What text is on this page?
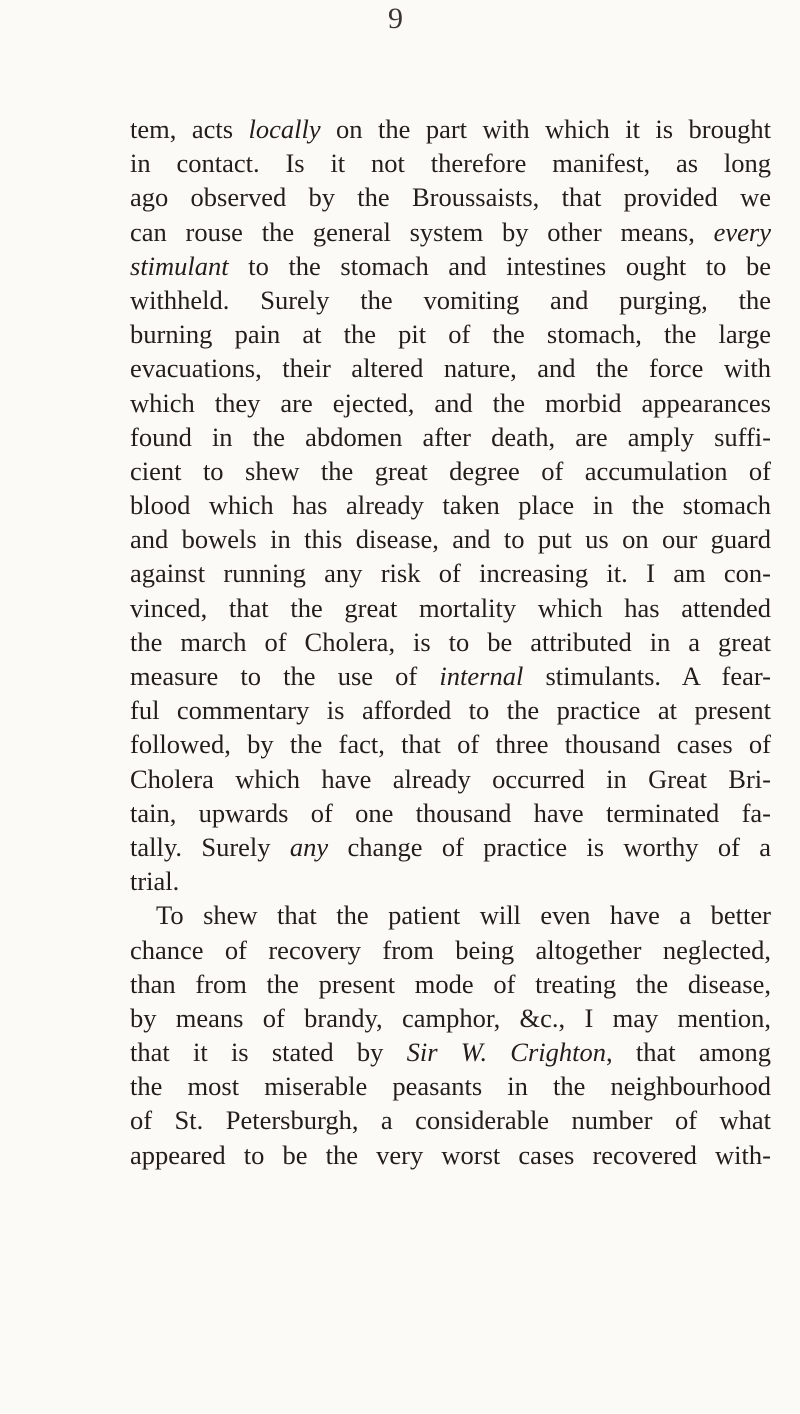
9
tem, acts locally on the part with which it is brought
in contact. Is it not therefore manifest, as long
ago observed by the Broussaists, that provided we
can rouse the general system by other means, every
stimulant to the stomach and intestines ought to be
withheld. Surely the vomiting and purging, the
burning pain at the pit of the stomach, the large
evacuations, their altered nature, and the force with
which they are ejected, and the morbid appearances
found in the abdomen after death, are amply suffi-
cient to shew the great degree of accumulation of
blood which has already taken place in the stomach
and bowels in this disease, and to put us on our guard
against running any risk of increasing it. I am con-
vinced, that the great mortality which has attended
the march of Cholera, is to be attributed in a great
measure to the use of internal stimulants. A fear-
ful commentary is afforded to the practice at present
followed, by the fact, that of three thousand cases of
Cholera which have already occurred in Great Bri-
tain, upwards of one thousand have terminated fa-
tally. Surely any change of practice is worthy of a
trial.
To shew that the patient will even have a better
chance of recovery from being altogether neglected,
than from the present mode of treating the disease,
by means of brandy, camphor, &c., I may mention,
that it is stated by Sir W. Crighton, that among
the most miserable peasants in the neighbourhood
of St. Petersburgh, a considerable number of what
appeared to be the very worst cases recovered with-
